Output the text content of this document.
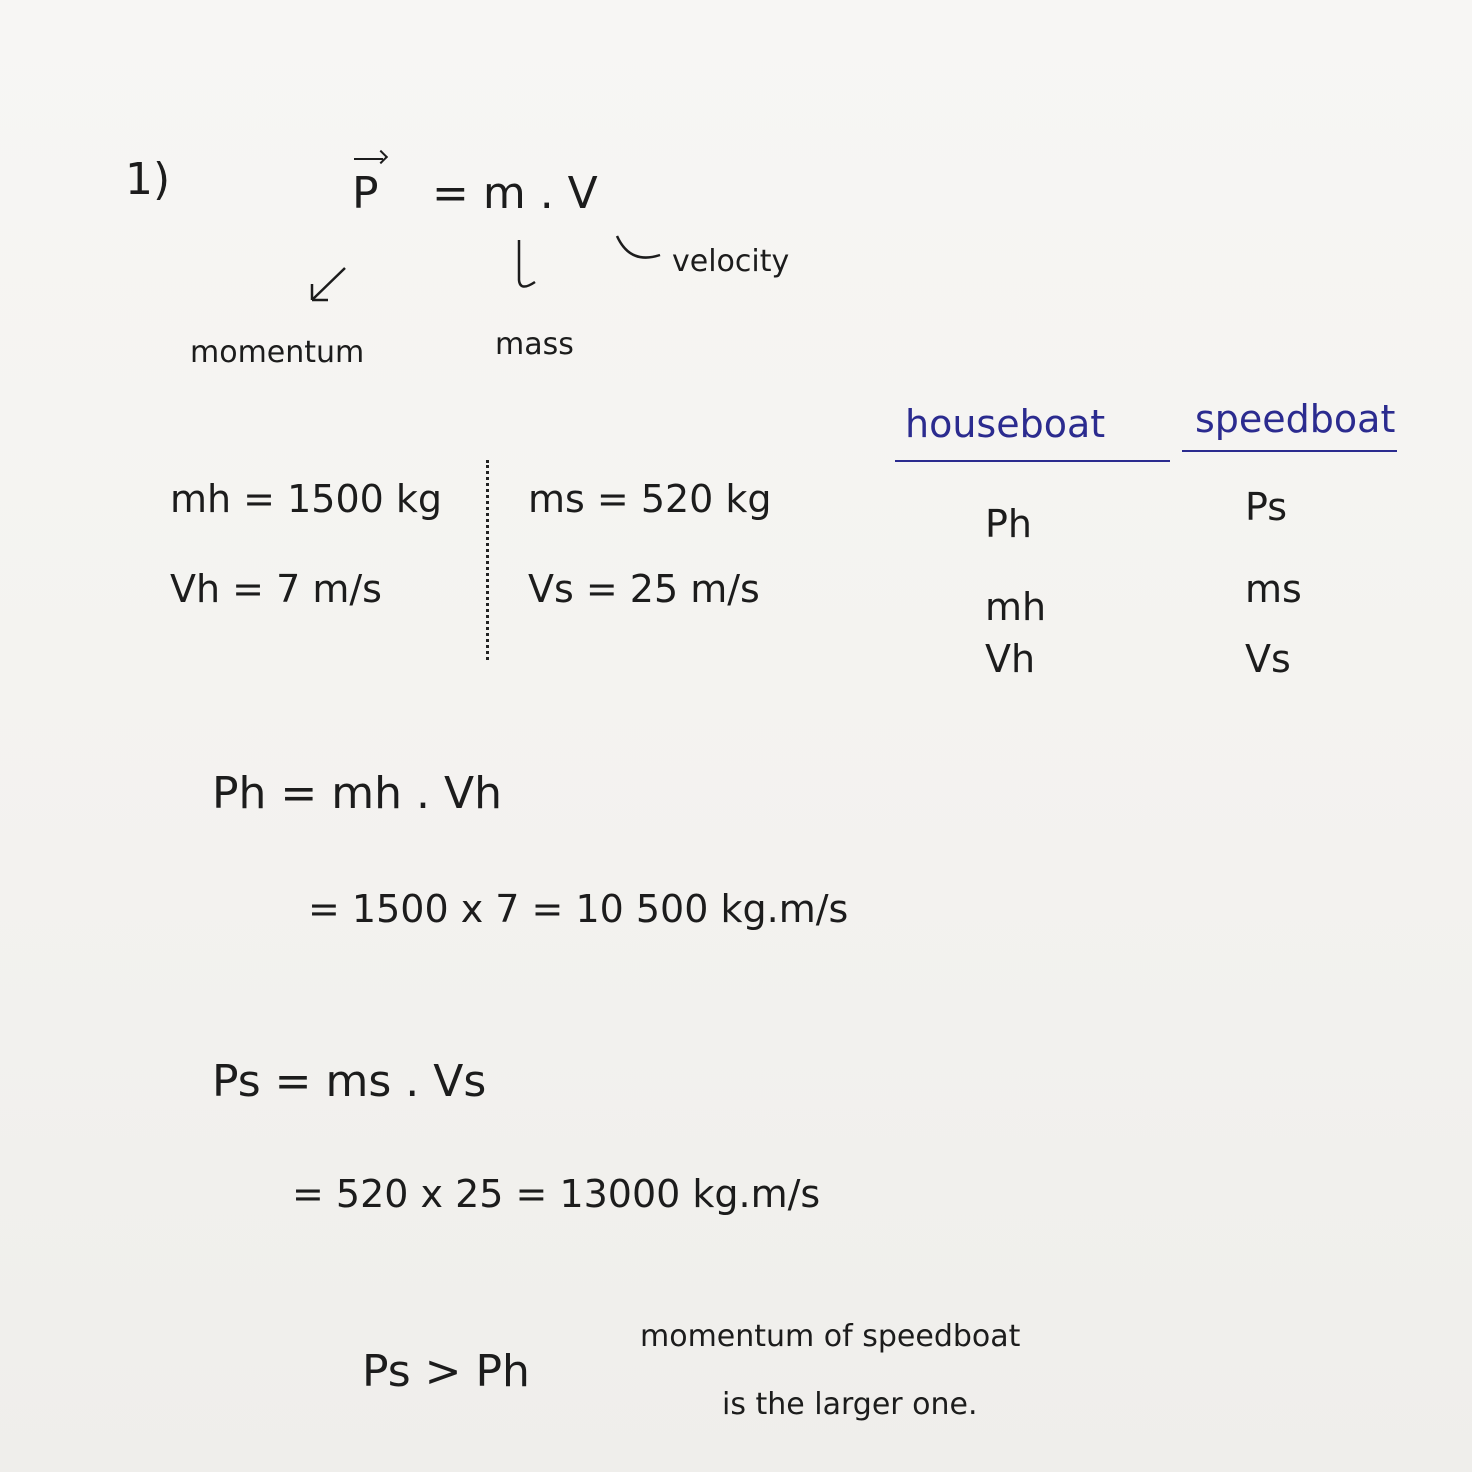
1)	P = m . V
velocity
momentum	mass
mh = 1500 kg
Vh = 7 m/s
ms = 520 kg
Vs = 25 m/s
houseboat speedboat
Ph
mh
Vh
Ps
ms
Vs
Ph = mh . Vh
= 1500 x 7 = 10 500 kg.m/s
Ps = ms . Vs
= 520 x 25 = 13000 kg.m/s
Ps > Ph
momentum of speedboat
is the larger one.
